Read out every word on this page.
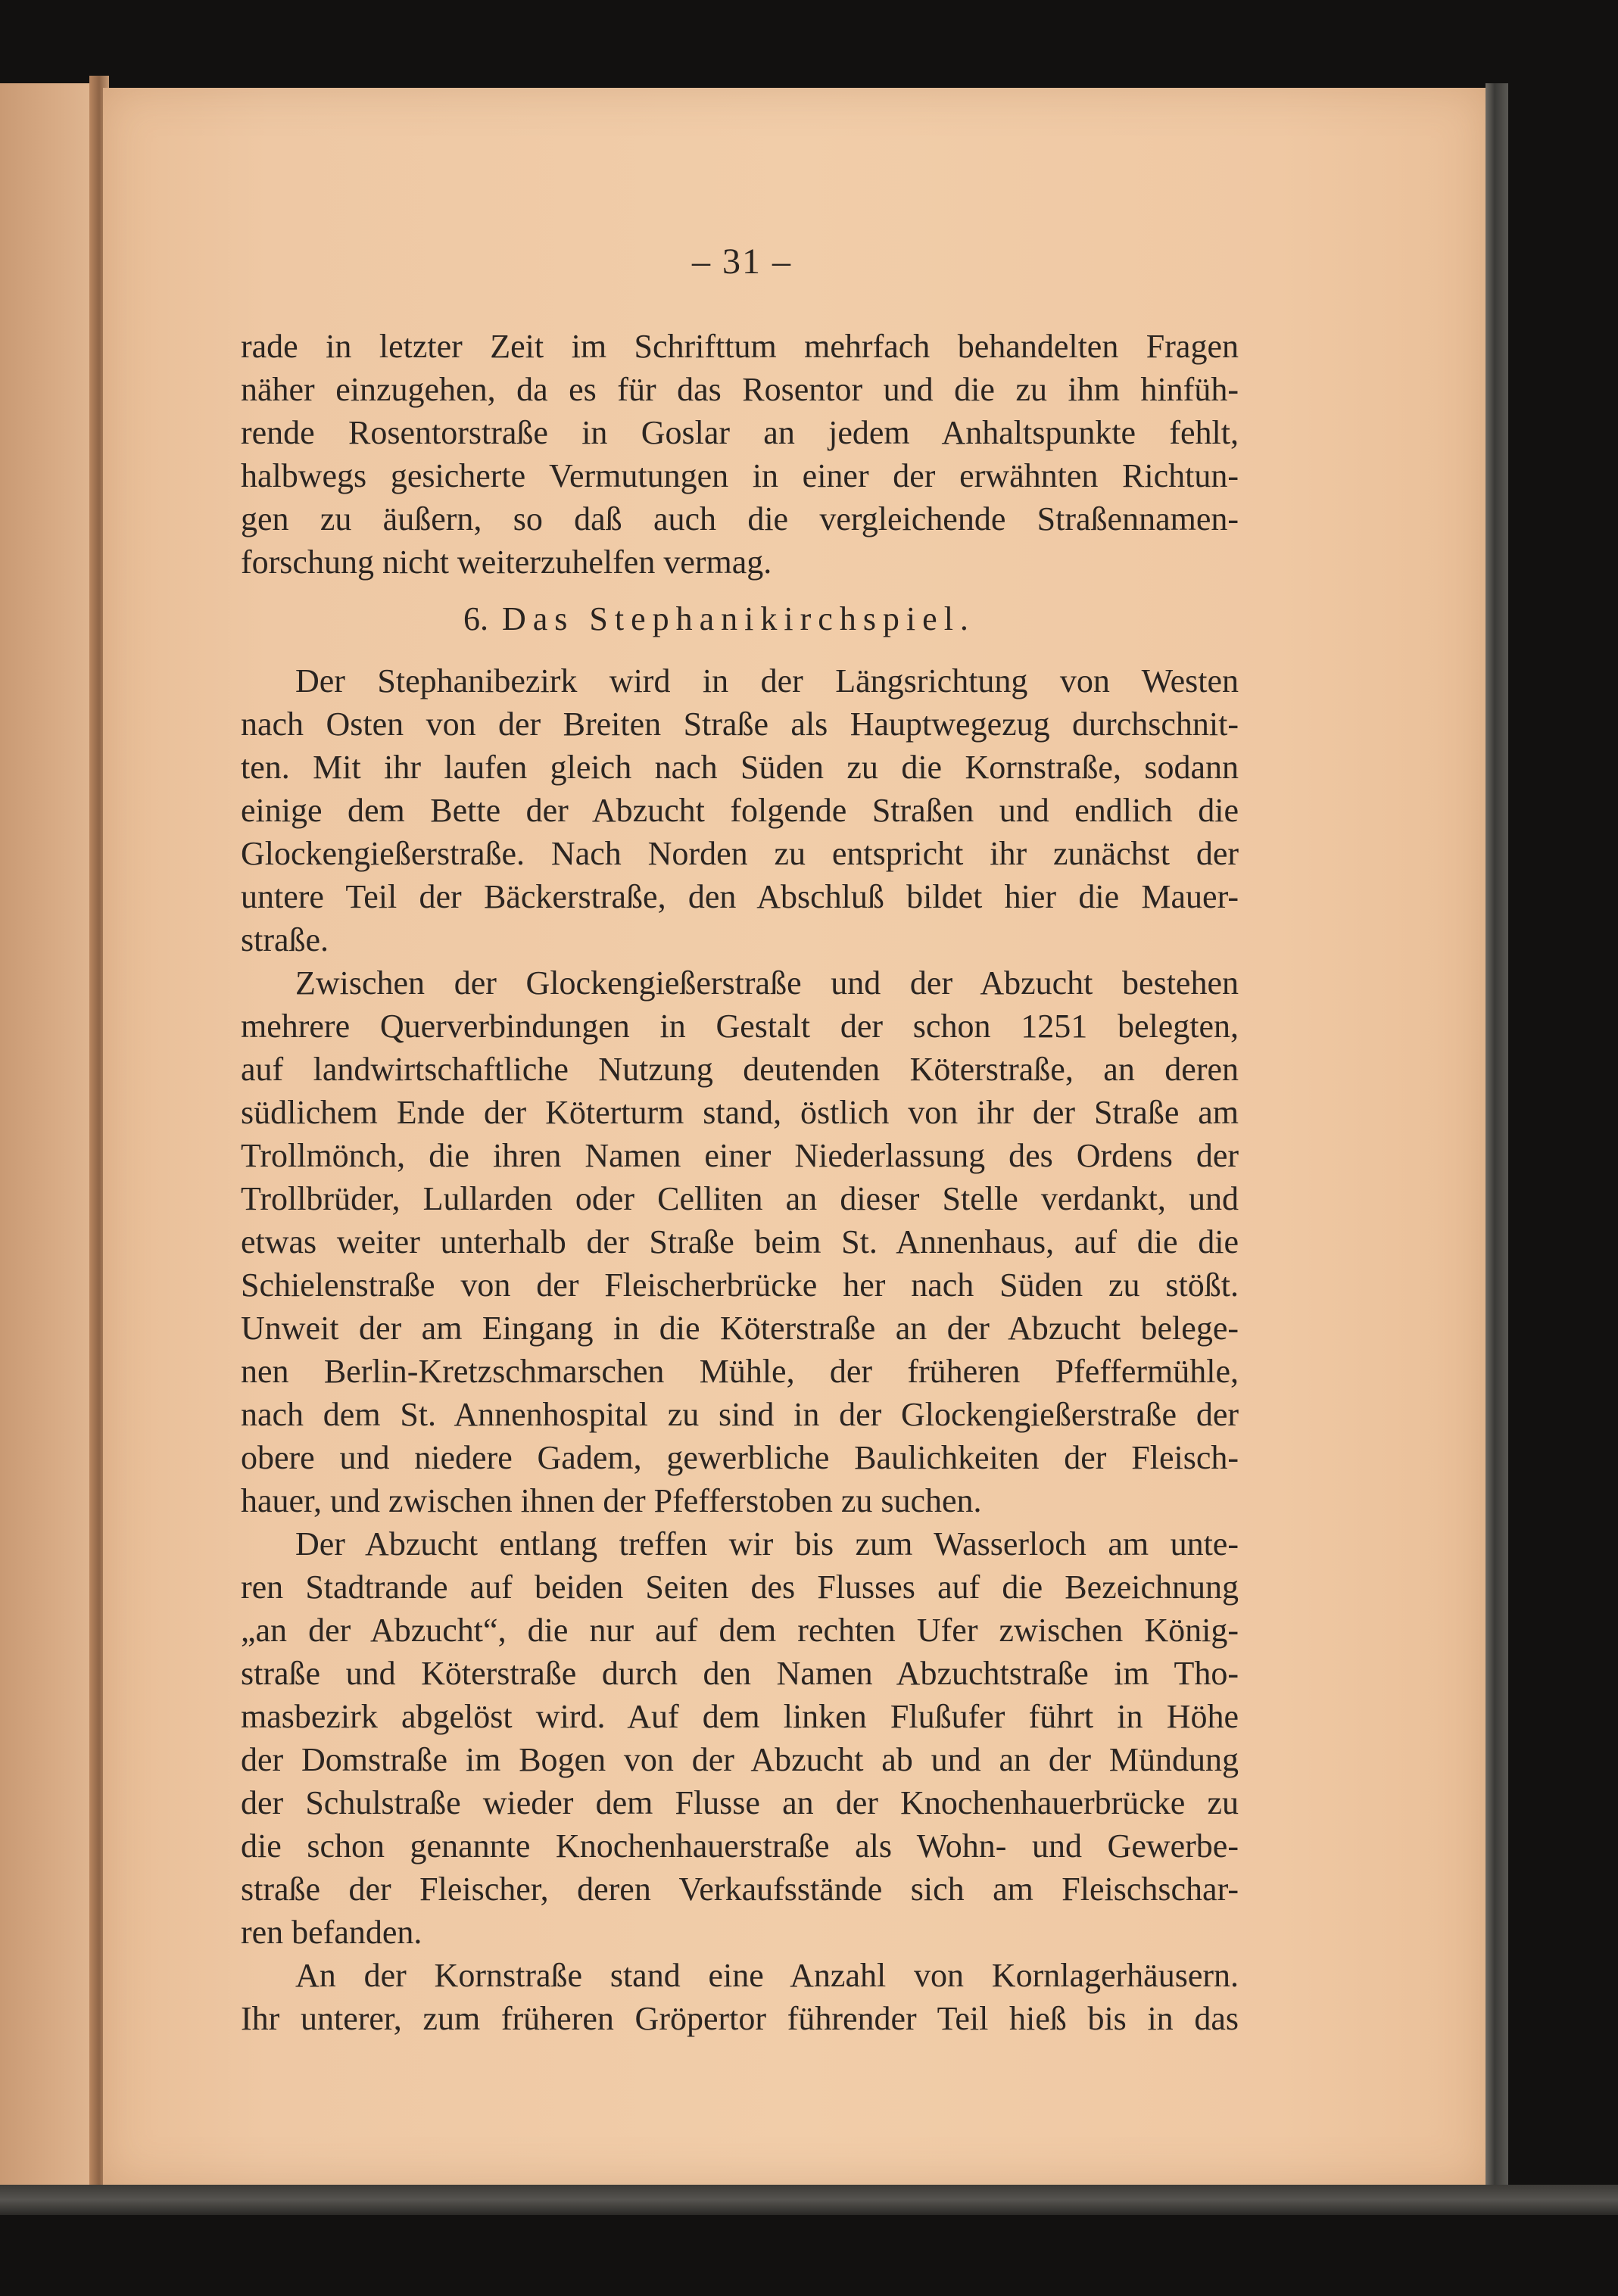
– 31 –
rade in letzter Zeit im Schrifttum mehrfach behandelten Fragen
näher einzugehen, da es für das Rosentor und die zu ihm hinfüh-
rende Rosentorstraße in Goslar an jedem Anhaltspunkte fehlt,
halbwegs gesicherte Vermutungen in einer der erwähnten Richtun-
gen zu äußern, so daß auch die vergleichende Straßennamen-
forschung nicht weiterzuhelfen vermag.
6. Das Stephanikirchspiel.
Der Stephanibezirk wird in der Längsrichtung von Westen
nach Osten von der Breiten Straße als Hauptwegezug durchschnit-
ten. Mit ihr laufen gleich nach Süden zu die Kornstraße, sodann
einige dem Bette der Abzucht folgende Straßen und endlich die
Glockengießerstraße. Nach Norden zu entspricht ihr zunächst der
untere Teil der Bäckerstraße, den Abschluß bildet hier die Mauer-
straße.
Zwischen der Glockengießerstraße und der Abzucht bestehen
mehrere Querverbindungen in Gestalt der schon 1251 belegten,
auf landwirtschaftliche Nutzung deutenden Köterstraße, an deren
südlichem Ende der Köterturm stand, östlich von ihr der Straße am
Trollmönch, die ihren Namen einer Niederlassung des Ordens der
Trollbrüder, Lullarden oder Celliten an dieser Stelle verdankt, und
etwas weiter unterhalb der Straße beim St. Annenhaus, auf die die
Schielenstraße von der Fleischerbrücke her nach Süden zu stößt.
Unweit der am Eingang in die Köterstraße an der Abzucht belege-
nen Berlin-Kretzschmarschen Mühle, der früheren Pfeffermühle,
nach dem St. Annenhospital zu sind in der Glockengießerstraße der
obere und niedere Gadem, gewerbliche Baulichkeiten der Fleisch-
hauer, und zwischen ihnen der Pfefferstoben zu suchen.
Der Abzucht entlang treffen wir bis zum Wasserloch am unte-
ren Stadtrande auf beiden Seiten des Flusses auf die Bezeichnung
„an der Abzucht“, die nur auf dem rechten Ufer zwischen König-
straße und Köterstraße durch den Namen Abzuchtstraße im Tho-
masbezirk abgelöst wird. Auf dem linken Flußufer führt in Höhe
der Domstraße im Bogen von der Abzucht ab und an der Mündung
der Schulstraße wieder dem Flusse an der Knochenhauerbrücke zu
die schon genannte Knochenhauerstraße als Wohn- und Gewerbe-
straße der Fleischer, deren Verkaufsstände sich am Fleischschar-
ren befanden.
An der Kornstraße stand eine Anzahl von Kornlagerhäusern.
Ihr unterer, zum früheren Gröpertor führender Teil hieß bis in das
